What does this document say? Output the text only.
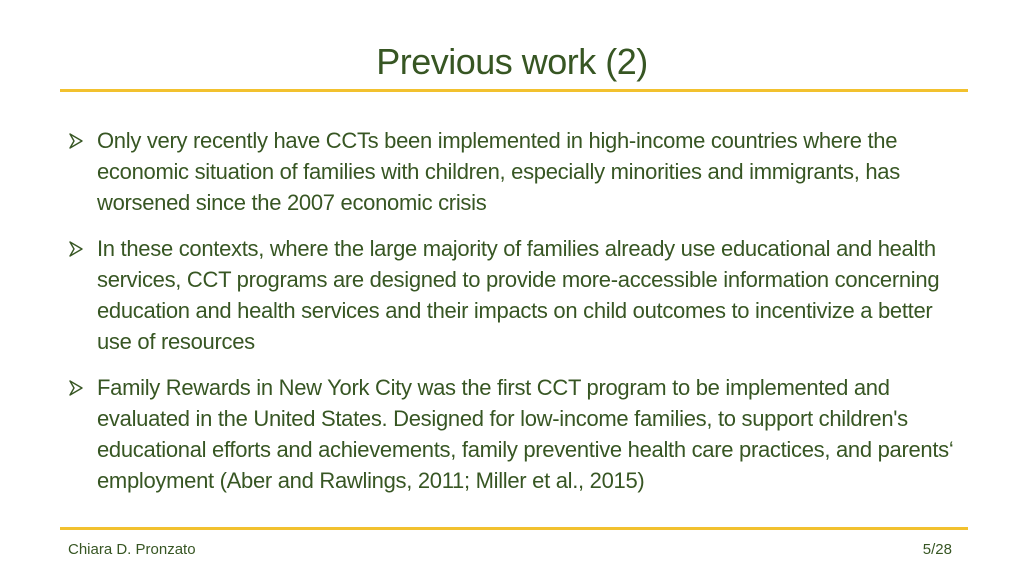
Previous work (2)
Only very recently have CCTs been implemented in high-income countries where the economic situation of families with children, especially minorities and immigrants, has worsened since the 2007 economic crisis
In these contexts, where the large majority of families already use educational and health services, CCT programs are designed to provide more-accessible information concerning education and health services and their impacts on child outcomes to incentivize a better use of resources
Family Rewards in New York City was the first CCT program to be implemented and evaluated in the United States. Designed for low-income families, to support children's educational efforts and achievements, family preventive health care practices, and parents‘ employment (Aber and Rawlings, 2011; Miller et al., 2015)
Chiara D. Pronzato	5/28
